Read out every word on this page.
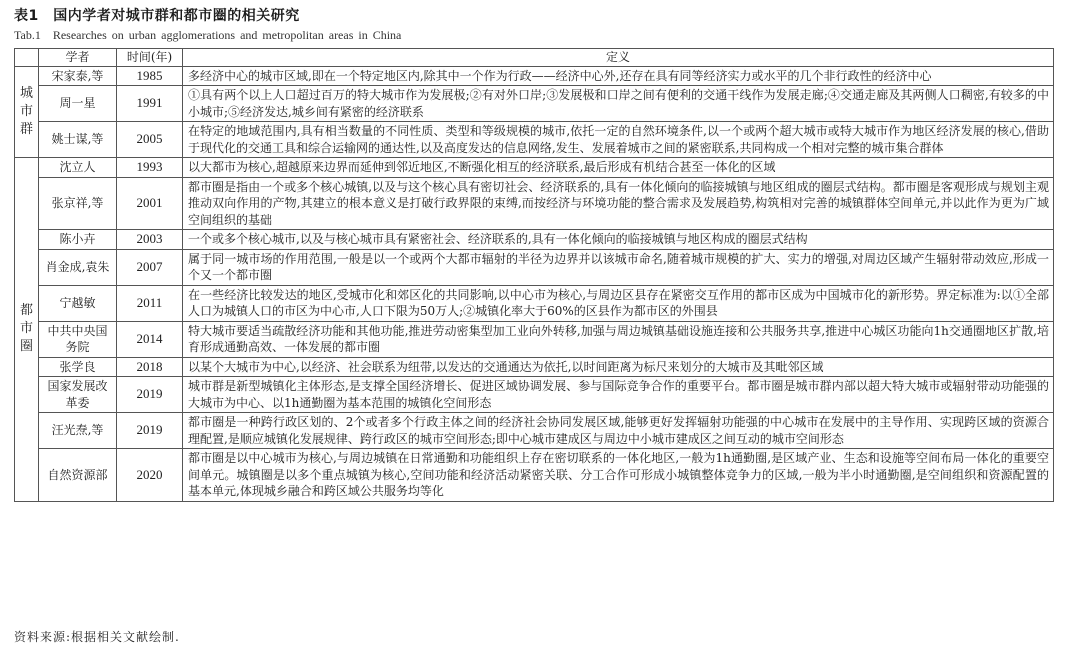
表1　国内学者对城市群和都市圈的相关研究
Tab.1　Researches on urban agglomerations and metropolitan areas in China
	学者	时间(年)	定义
城市群	宋家泰,等	1985	多经济中心的城市区域,即在一个特定地区内,除其中一个作为行政——经济中心外,还存在具有同等经济实力或水平的几个非行政性的经济中心
	周一星	1991	①具有两个以上人口超过百万的特大城市作为发展极;②有对外口岸;③发展极和口岸之间有便利的交通干线作为发展走廊;④交通走廊及其两侧人口稠密,有较多的中小城市;⑤经济发达,城乡间有紧密的经济联系
	姚士谋,等	2005	在特定的地域范围内,具有相当数量的不同性质、类型和等级规模的城市,依托一定的自然环境条件,以一个或两个超大城市或特大城市作为地区经济发展的核心,借助于现代化的交通工具和综合运输网的通达性,以及高度发达的信息网络,发生、发展着城市之间的紧密联系,共同构成一个相对完整的城市集合群体
都市圈	沈立人	1993	以大都市为核心,超越原来边界而延伸到邻近地区,不断强化相互的经济联系,最后形成有机结合甚至一体化的区域
	张京祥,等	2001	都市圈是指由一个或多个核心城镇,以及与这个核心具有密切社会、经济联系的,具有一体化倾向的临接城镇与地区组成的圈层式结构。都市圈是客观形成与规划主观推动双向作用的产物,其建立的根本意义是打破行政界限的束缚,而按经济与环境功能的整合需求及发展趋势,构筑相对完善的城镇群体空间单元,并以此作为更为广域空间组织的基础
	陈小卉	2003	一个或多个核心城市,以及与核心城市具有紧密社会、经济联系的,具有一体化倾向的临接城镇与地区构成的圈层式结构
	肖金成,袁朱	2007	属于同一城市场的作用范围,一般是以一个或两个大都市辐射的半径为边界并以该城市命名,随着城市规模的扩大、实力的增强,对周边区域产生辐射带动效应,形成一个又一个都市圈
	宁越敏	2011	在一些经济比较发达的地区,受城市化和郊区化的共同影响,以中心市为核心,与周边区县存在紧密交互作用的都市区成为中国城市化的新形势。界定标准为:以①全部人口为城镇人口的市区为中心市,人口下限为50万人;②城镇化率大于60%的区县作为都市区的外围县
	中共中央国务院	2014	特大城市要适当疏散经济功能和其他功能,推进劳动密集型加工业向外转移,加强与周边城镇基础设施连接和公共服务共享,推进中心城区功能向1h交通圈地区扩散,培育形成通勤高效、一体发展的都市圈
	张学良	2018	以某个大城市为中心,以经济、社会联系为纽带,以发达的交通通达为依托,以时间距离为标尺来划分的大城市及其毗邻区域
	国家发展改革委	2019	城市群是新型城镇化主体形态,是支撑全国经济增长、促进区域协调发展、参与国际竞争合作的重要平台。都市圈是城市群内部以超大特大城市或辐射带动功能强的大城市为中心、以1h通勤圈为基本范围的城镇化空间形态
	汪光焘,等	2019	都市圈是一种跨行政区划的、2个或者多个行政主体之间的经济社会协同发展区域,能够更好发挥辐射功能强的中心城市在发展中的主导作用、实现跨区域的资源合理配置,是顺应城镇化发展规律、跨行政区的城市空间形态;即中心城市建成区与周边中小城市建成区之间互动的城市空间形态
	自然资源部	2020	都市圈是以中心城市为核心,与周边城镇在日常通勤和功能组织上存在密切联系的一体化地区,一般为1h通勤圈,是区域产业、生态和设施等空间布局一体化的重要空间单元。城镇圈是以多个重点城镇为核心,空间功能和经济活动紧密关联、分工合作可形成小城镇整体竞争力的区域,一般为半小时通勤圈,是空间组织和资源配置的基本单元,体现城乡融合和跨区域公共服务均等化
资料来源:根据相关文献绘制.
